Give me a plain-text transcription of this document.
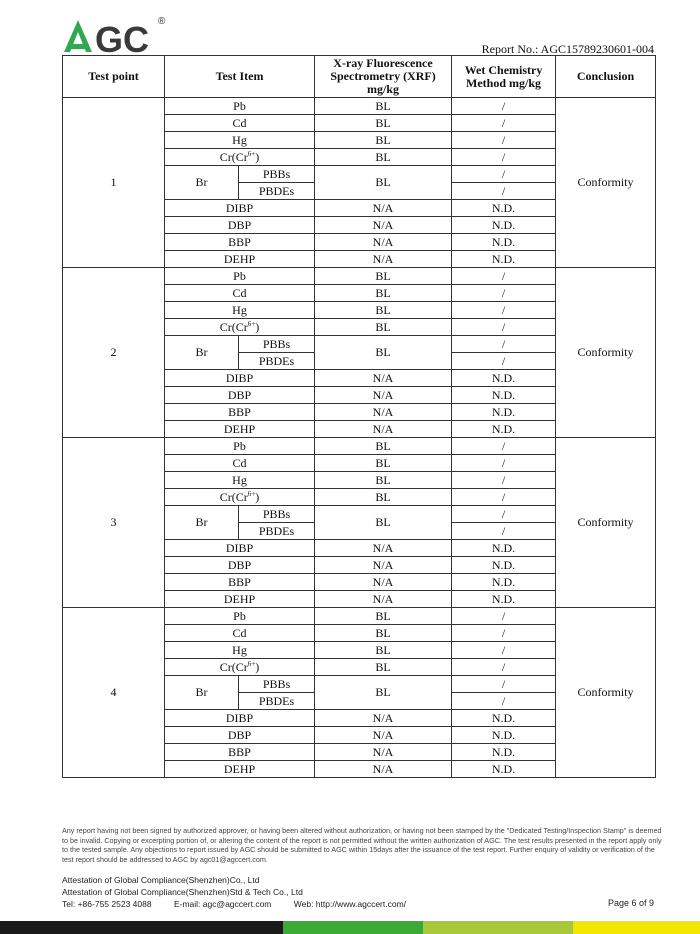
GC ®
Report No.: AGC15789230601-004
Test point	Test Item		X-ray Fluorescence Spectrometry (XRF) mg/kg	Wet Chemistry Method mg/kg	Conclusion
1	Pb		BL	/	Conformity
	Cd		BL	/	
	Hg		BL	/	
	$Cr(Cr^{6+})$		BL	/	
	Br	PBBs	BL	/	
		PBDEs		/	
	DIBP		N/A	N.D.	
	DBP		N/A	N.D.	
	BBP		N/A	N.D.	
	DEHP		N/A	N.D.	
2	Pb		BL	/	Conformity
	Cd		BL	/	
	Hg		BL	/	
	$Cr(Cr^{6+})$		BL	/	
	Br	PBBs	BL	/	
		PBDEs		/	
	DIBP		N/A	N.D.	
	DBP		N/A	N.D.	
	BBP		N/A	N.D.	
	DEHP		N/A	N.D.	
3	Pb		BL	/	Conformity
	Cd		BL	/	
	Hg		BL	/	
	$Cr(Cr^{6+})$		BL	/	
	Br	PBBs	BL	/	
		PBDEs		/	
	DIBP		N/A	N.D.	
	DBP		N/A	N.D.	
	BBP		N/A	N.D.	
	DEHP		N/A	N.D.	
4	Pb		BL	/	Conformity
	Cd		BL	/	
	Hg		BL	/	
	$Cr(Cr^{6+})$		BL	/	
	Br	PBBs	BL	/	
		PBDEs		/	
	DIBP		N/A	N.D.	
	DBP		N/A	N.D.	
	BBP		N/A	N.D.	
	DEHP		N/A	N.D.	

Any report having not been signed by authorized approver, or having been altered without authorization, or having not been stamped by the "Dedicated Testing/Inspection Stamp" is deemed to be invalid. Copying or excerpting portion of, or altering the content of the report is not permitted without the written authorization of AGC. The test results presented in the report apply only to the tested sample. Any objections to report issued by AGC should be submitted to AGC within 15days after the issuance of the test report. Further enquiry of validity or verification of the test report should be addressed to AGC by agc01@agccert.com.

Attestation of Global Compliance(Shenzhen)Co., Ltd
Attestation of Global Compliance(Shenzhen)Std & Tech Co., Ltd
Tel: +86-755 2523 4088	E-mail: agc@agccert.com	Web: http://www.agccert.com/	Page 6 of 9
